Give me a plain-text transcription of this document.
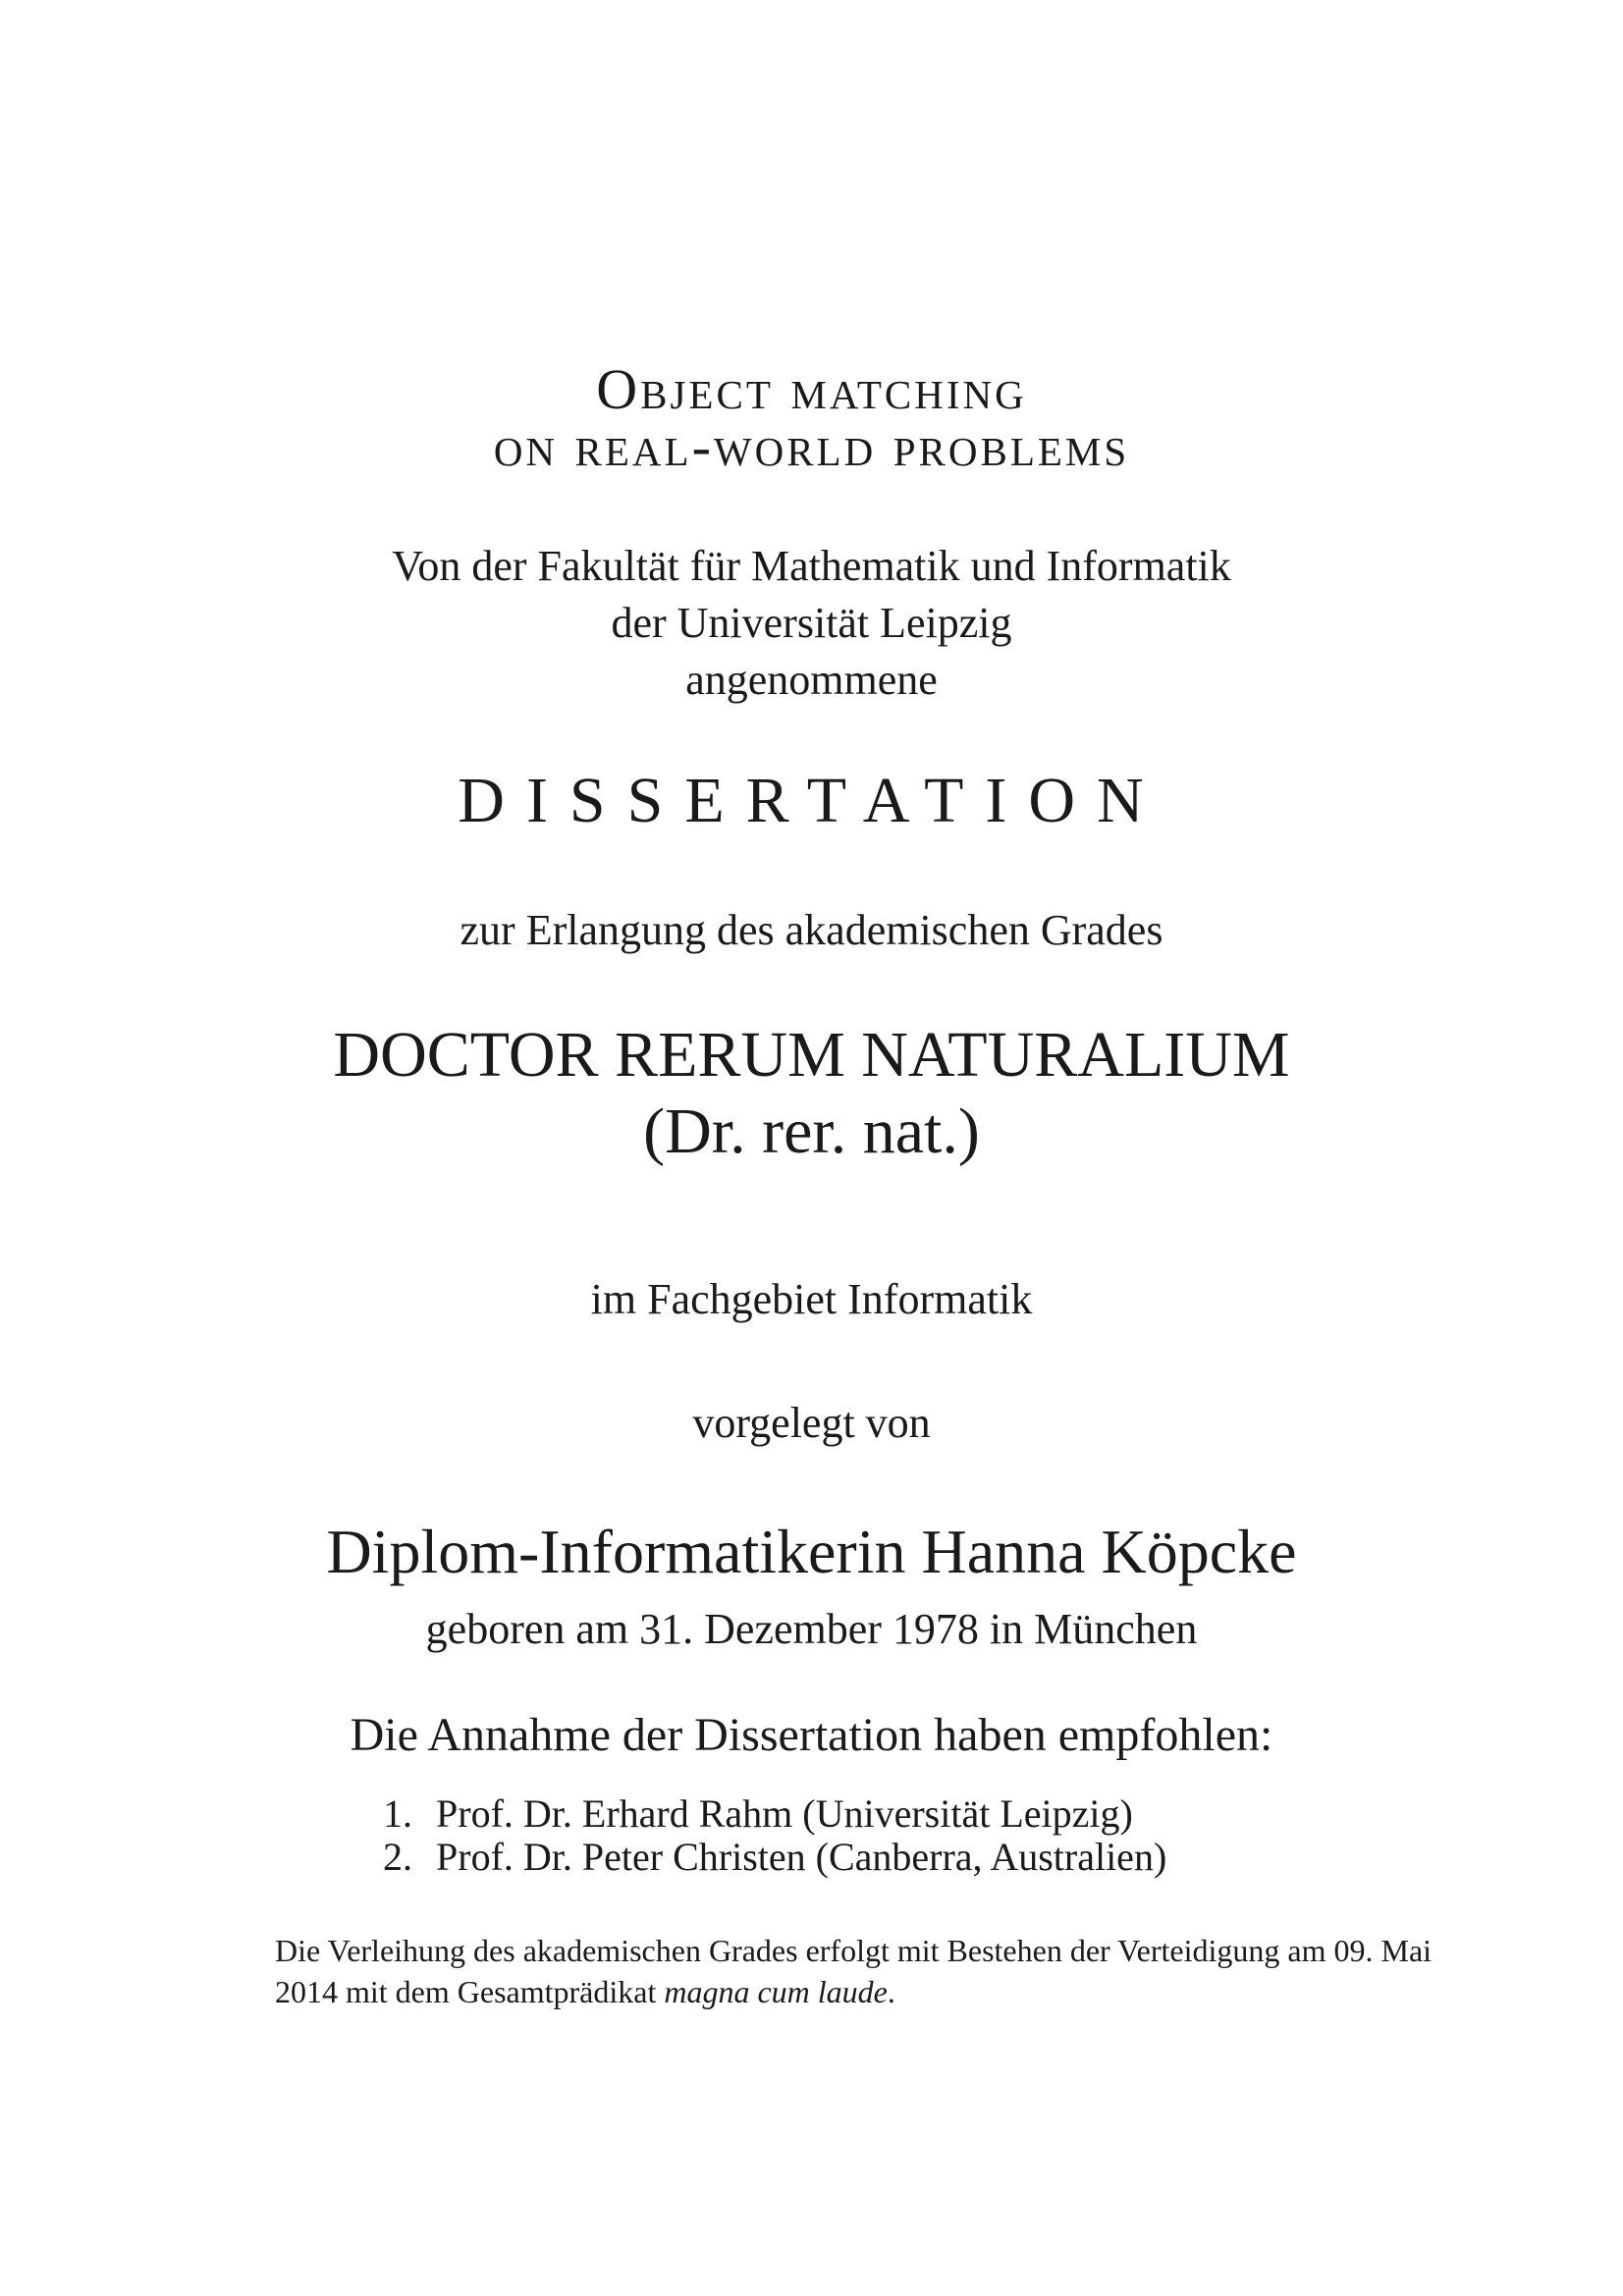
Object matching
on real-world problems
Von der Fakultät für Mathematik und Informatik
der Universität Leipzig
angenommene
DISSERTATION
zur Erlangung des akademischen Grades
DOCTOR RERUM NATURALIUM
(Dr. rer. nat.)
im Fachgebiet Informatik
vorgelegt von
Diplom-Informatikerin Hanna Köpcke
geboren am 31. Dezember 1978 in München
Die Annahme der Dissertation haben empfohlen:
1. Prof. Dr. Erhard Rahm (Universität Leipzig)
2. Prof. Dr. Peter Christen (Canberra, Australien)
Die Verleihung des akademischen Grades erfolgt mit Bestehen der Verteidigung am 09. Mai 2014 mit dem Gesamtprädikat magna cum laude.
